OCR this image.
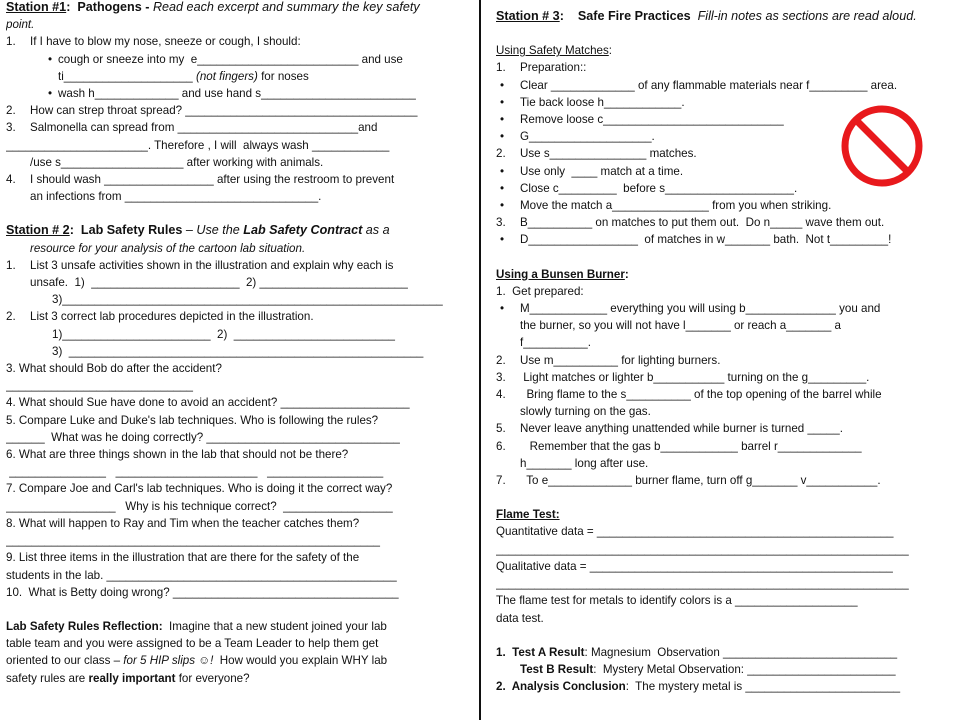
Station #1:  Pathogens - Read each excerpt and summary the key safety
point.
1. If I have to blow my nose, sneeze or cough, I should:
• cough or sneeze into my  e_________________________ and use
ti____________________ (not fingers) for noses
• wash h_____________ and use hand s________________________
2. How can strep throat spread? ____________________________________
3. Salmonella can spread from ____________________________and
______________________. Therefore , I will  always wash ____________
/use s___________________ after working with animals.
4. I should wash _________________ after using the restroom to prevent
an infections from ______________________________.
Station # 2:  Lab Safety Rules – Use the Lab Safety Contract as a
resource for your analysis of the cartoon lab situation.
1. List 3 unsafe activities shown in the illustration and explain why each is
unsafe.  1)  _______________________  2) _______________________
3)___________________________________________________________
2. List 3 correct lab procedures depicted in the illustration.
1)_______________________  2)  _________________________
3)  _______________________________________________________
3. What should Bob do after the accident?
_____________________________
4. What should Sue have done to avoid an accident? ____________________
5. Compare Luke and Duke's lab techniques. Who is following the rules?
______  What was he doing correctly? ______________________________
6. What are three things shown in the lab that should not be there?
_______________   ______________________   __________________
7. Compare Joe and Carl's lab techniques. Who is doing it the correct way?
_________________   Why is his technique correct?  _________________
8. What will happen to Ray and Tim when the teacher catches them?
__________________________________________________________
9. List three items in the illustration that are there for the safety of the
students in the lab. _____________________________________________
10.  What is Betty doing wrong? ___________________________________
Lab Safety Rules Reflection:  Imagine that a new student joined your lab
table team and you were assigned to be a Team Leader to help them get
oriented to our class – for 5 HIP slips ☺!  How would you explain WHY lab
safety rules are really important for everyone?
Station # 3:    Safe Fire Practices  Fill-in notes as sections are read aloud.
Using Safety Matches:
1. Preparation::
• Clear _____________ of any flammable materials near f_________ area.
• Tie back loose h____________.
• Remove loose c____________________________
• G___________________.
2. Use s_______________ matches.
• Use only  ____ match at a time.
• Close c_________  before s____________________.
• Move the match a_______________ from you when striking.
3. B__________ on matches to put them out.  Do n_____ wave them out.
• D_________________  of matches in w_______ bath.  Not t_________!
Using a Bunsen Burner:
1.  Get prepared:
• M____________ everything you will using b______________ you and
the burner, so you will not have l_______ or reach a_______ a
f__________.
2. Use m__________ for lighting burners.
3. Light matches or lighter b___________ turning on the g_________.
4. Bring flame to the s__________ of the top opening of the barrel while
slowly turning on the gas.
5. Never leave anything unattended while burner is turned _____.
6. Remember that the gas b____________ barrel r_____________
h_______ long after use.
7. To e_____________ burner flame, turn off g_______ v___________.
Flame Test:
Quantitative data = ______________________________________________
________________________________________________________________
Qualitative data = _______________________________________________
________________________________________________________________
The flame test for metals to identify colors is a ___________________
data test.
1.  Test A Result: Magnesium  Observation ___________________________
Test B Result:  Mystery Metal Observation: _______________________
2.  Analysis Conclusion:  The mystery metal is ________________________
